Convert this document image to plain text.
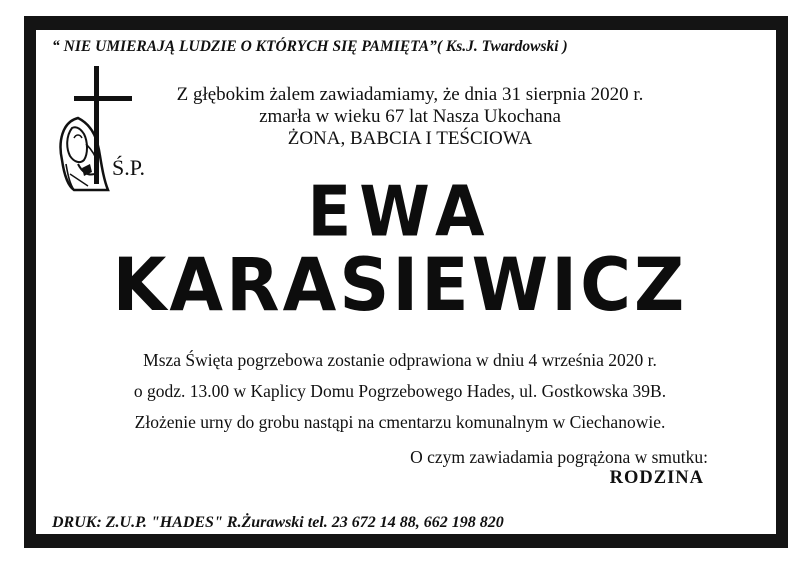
“ NIE UMIERAJĄ LUDZIE O KTÓRYCH SIĘ PAMIĘTA”( Ks.J. Twardowski )
Ś.P.
Z głębokim żalem zawiadamiamy, że dnia 31 sierpnia 2020 r.
zmarła w wieku 67 lat Nasza Ukochana
ŻONA, BABCIA I TEŚCIOWA
EWA
KARASIEWICZ
Msza Święta pogrzebowa zostanie odprawiona w dniu 4 września 2020 r.
o godz. 13.00 w Kaplicy Domu Pogrzebowego Hades, ul. Gostkowska 39B.
Złożenie urny do grobu nastąpi na cmentarzu komunalnym w Ciechanowie.
O czym zawiadamia pogrążona w smutku:
RODZINA
DRUK: Z.U.P. "HADES" R.Żurawski tel. 23 672 14 88, 662 198 820
